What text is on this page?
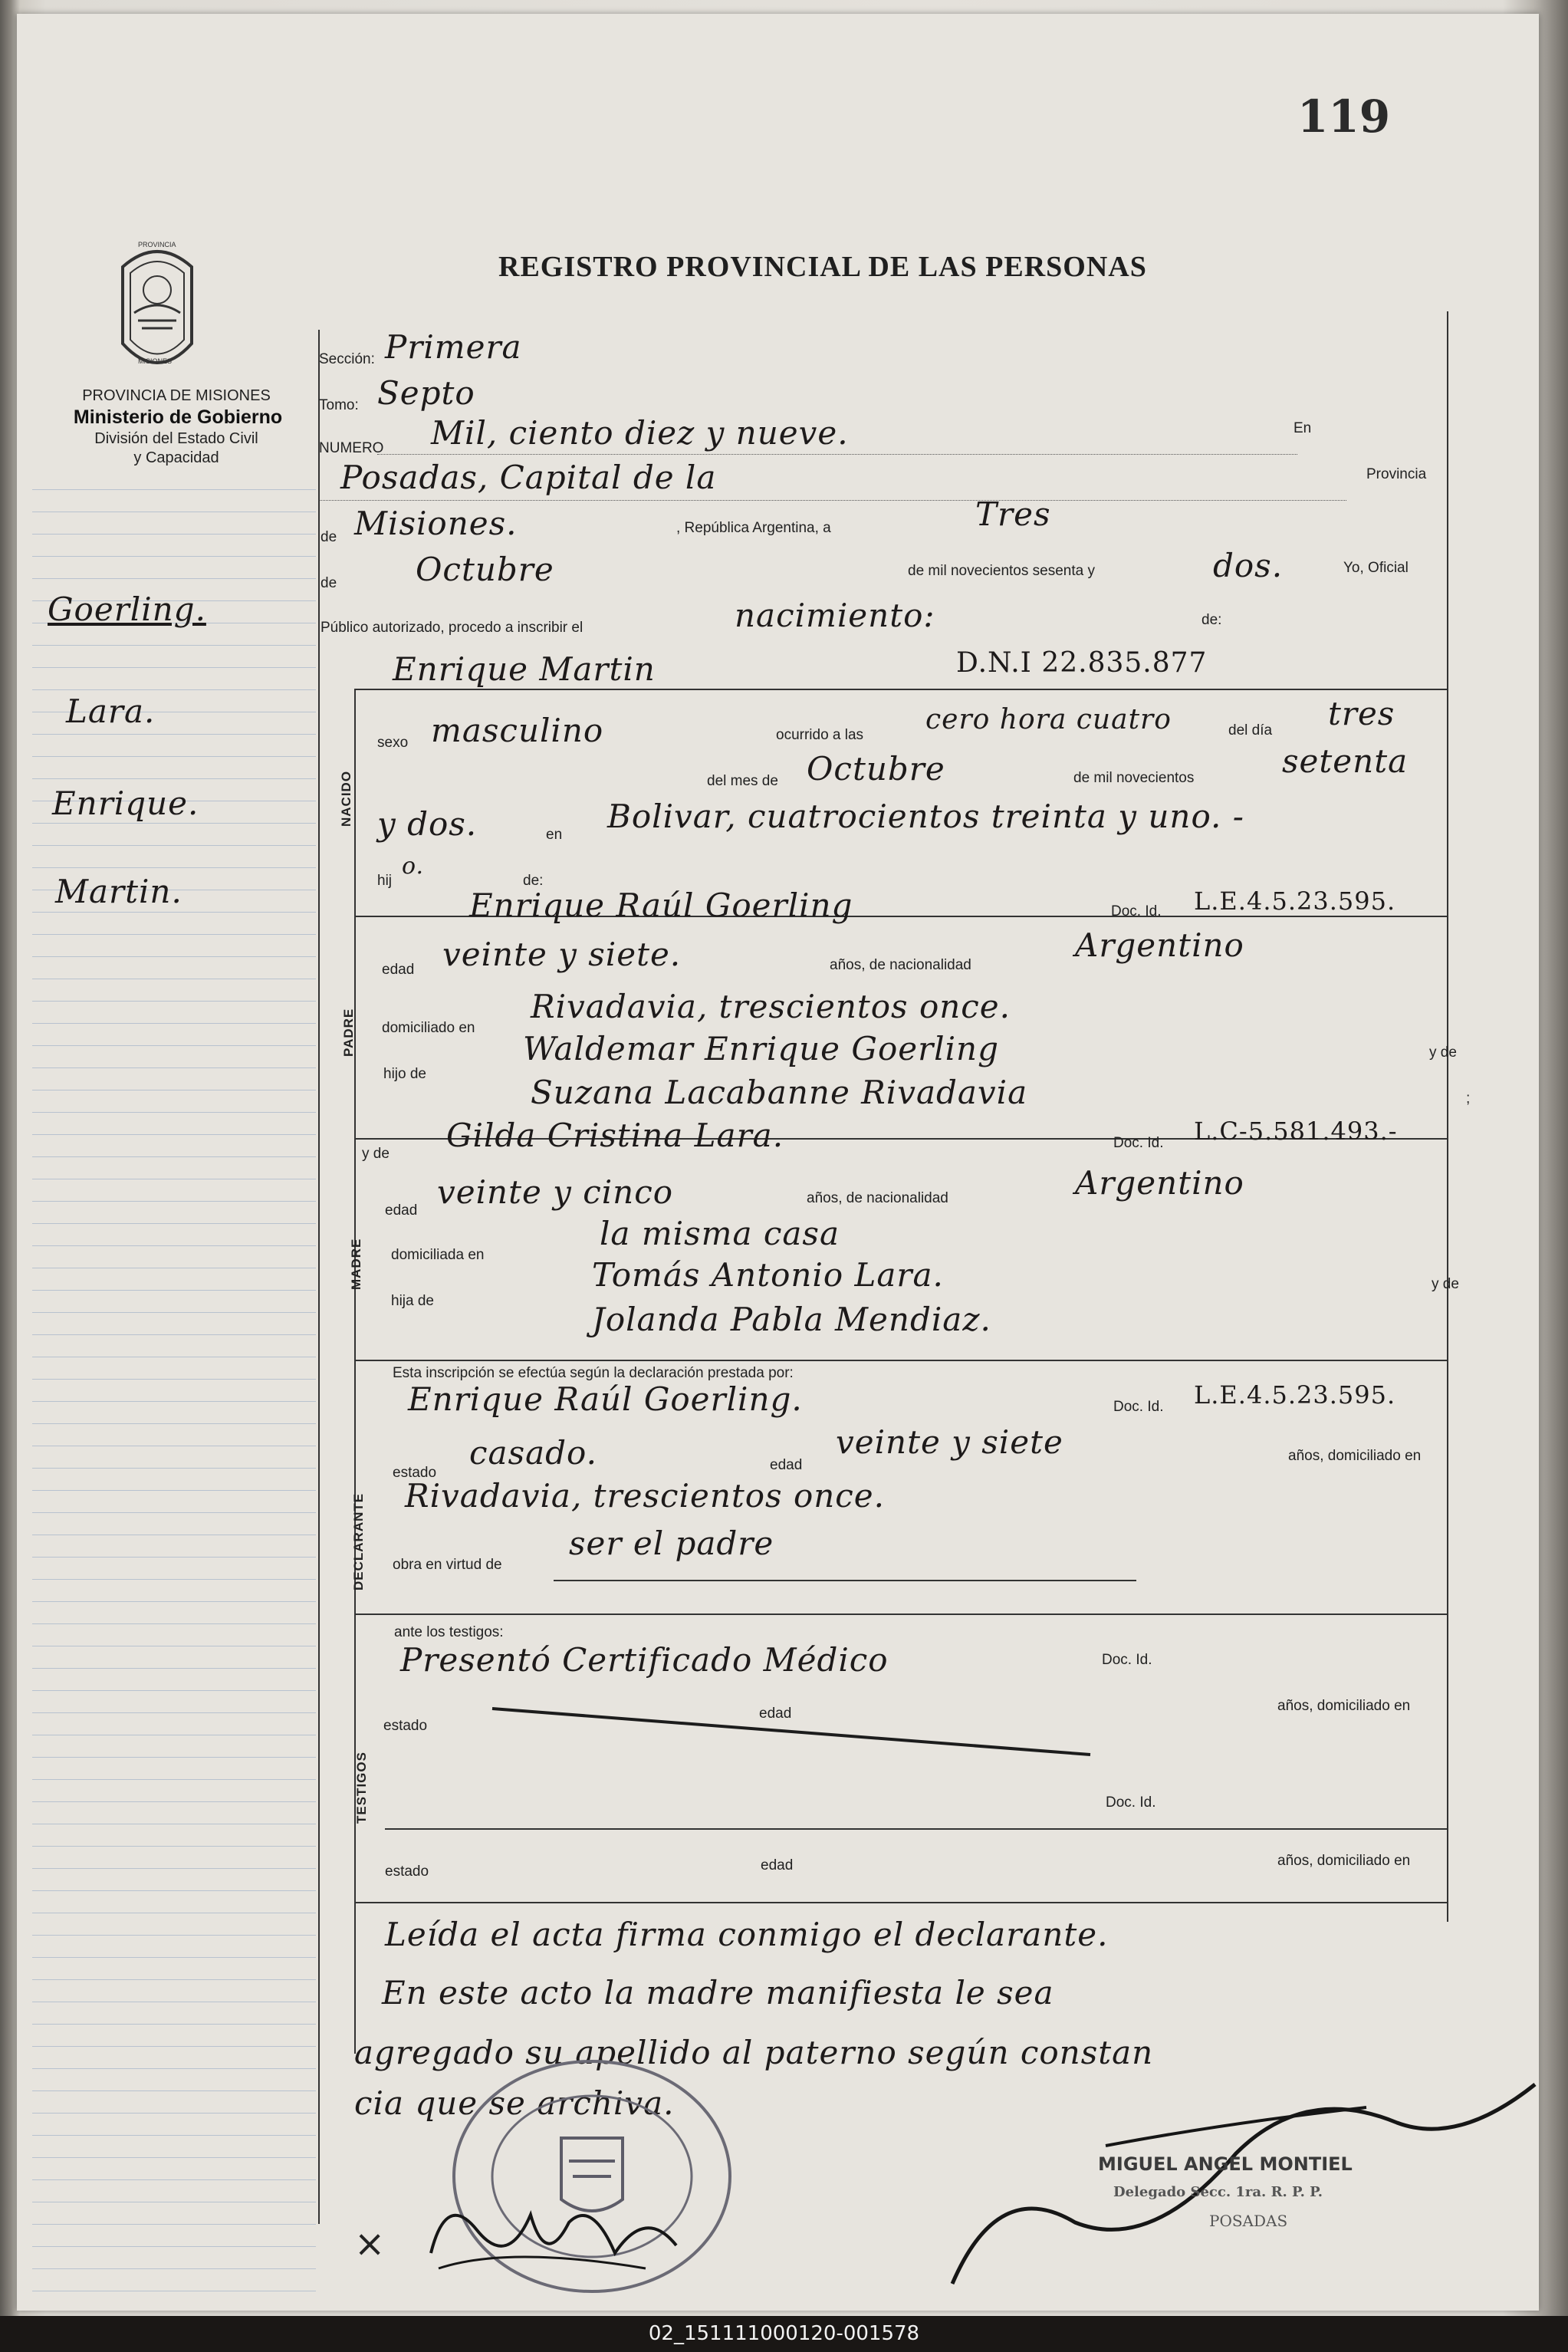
119
REGISTRO PROVINCIAL DE LAS PERSONAS
PROVINCIA
MISIONES
PROVINCIA DE MISIONES
Ministerio de Gobierno
División del Estado Civil
y Capacidad
Goerling.
Lara.
Enrique.
Martin.
Sección: Primera
Tomo: Septo
NUMERO Mil, ciento diez y nueve.	En
Posadas, Capital de la	Provincia
de Misiones.	, República Argentina, a	Tres
de Octubre	de mil novecientos sesenta y	dos.	Yo, Oficial
Público autorizado, procedo a inscribir el	nacimiento:	de:
Enrique Martin	D.N.I 22.835.877
NACIDO
sexo masculino	ocurrido a las cero hora cuatro	del día tres
del mes de Octubre	de mil novecientos	setenta
y dos.	en Bolivar, cuatrocientos treinta y uno. -
hij
o.
de:
PADRE
Enrique Raúl Goerling	Doc. Id. L.E.4.5.23.595.
edad veinte y siete.	años, de nacionalidad
Argentino
domiciliado en
Rivadavia, trescientos once.
hijo de
Waldemar Enrique Goerling	y de
Suzana Lacabanne Rivadavia	;
y de Gilda Cristina Lara.	Doc. Id. L.C-5.581.493.-
MADRE
edad veinte y cinco	años, de nacionalidad	Argentino
domiciliada en
la misma casa
hija de
Tomás Antonio Lara.	y de
Jolanda Pabla Mendiaz.
Esta inscripción se efectúa según la declaración prestada por:
Enrique Raúl Goerling.	Doc. Id. L.E.4.5.23.595.
DECLARANTE
estado
casado.	edad
veinte y siete	años, domiciliado en
Rivadavia, trescientos once.
obra en virtud de
ser el padre
ante los testigos:
Presentó Certificado Médico	Doc. Id.
TESTIGOS
estado
edad	años, domiciliado en
Doc. Id.
estado	edad	años, domiciliado en
Leída el acta firma conmigo el declarante.
En este acto la madre manifiesta le sea
agregado su apellido al paterno según constan
cia que se archiva.
MIGUEL ANGEL MONTIEL
Delegado Secc. 1ra. R. P. P.
POSADAS
×
02_151111000120-001578
